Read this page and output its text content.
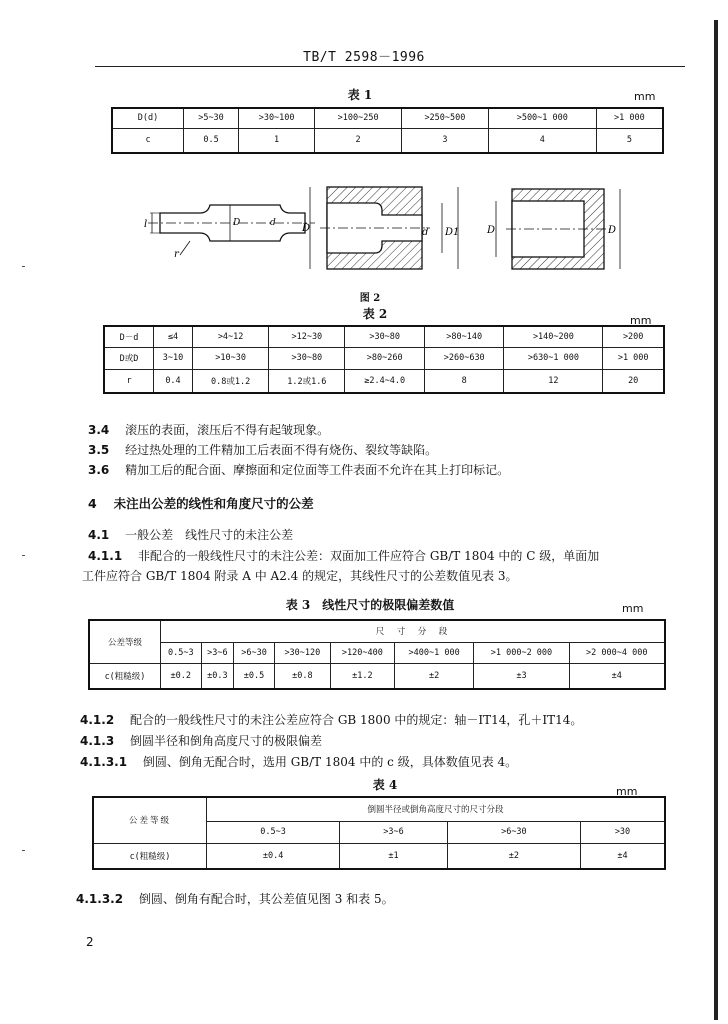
TB/T 2598－1996
表 1	mm
D(d)	>5~30	>30~100	>100~250	>250~500	>500~1 000	>1 000
c	0.5	1	2	3	4	5
l
r
D	d	D	d D1	D	D
图 2
表 2	mm
D－d	≤4	>4~12	>12~30	>30~80	>80~140	>140~200	>200
D或D	3~10	>10~30	>30~80	>80~260	>260~630	>630~1 000	>1 000
r	0.4	0.8或1.2	1.2或1.6	≥2.4~4.0	8	12	20
3.4　 滚压的表面，滚压后不得有起皱现象。
3.5　 经过热处理的工件精加工后表面不得有烧伤、裂纹等缺陷。
3.6　 精加工后的配合面、摩擦面和定位面等工件表面不允许在其上打印标记。
4　 未注出公差的线性和角度尺寸的公差
4.1　 一般公差　线性尺寸的未注公差
4.1.1　 非配合的一般线性尺寸的未注公差：双面加工件应符合 GB/T 1804 中的 C 级，单面加
工件应符合 GB/T 1804 附录 A 中 A2.4 的规定，其线性尺寸的公差数值见表 3。
表 3　线性尺寸的极限偏差数值	mm
公差等级	尺　寸　分　段							
	0.5~3	>3~6	>6~30	>30~120	>120~400	>400~1 000	>1 000~2 000	>2 000~4 000
c(粗糙级)	±0.2	±0.3	±0.5	±0.8	±1.2	±2	±3	±4
4.1.2　 配合的一般线性尺寸的未注公差应符合 GB 1800 中的规定：轴－IT14，孔＋IT14。
4.1.3　 倒圆半径和倒角高度尺寸的极限偏差
4.1.3.1　 倒圆、倒角无配合时，选用 GB/T 1804 中的 c 级，具体数值见表 4。
表 4	mm
公差等级	倒圆半径或倒角高度尺寸的尺寸分段			
	0.5~3	>3~6	>6~30	>30
c(粗糙级)	±0.4	±1	±2	±4
4.1.3.2　 倒圆、倒角有配合时，其公差值见图 3 和表 5。
2
